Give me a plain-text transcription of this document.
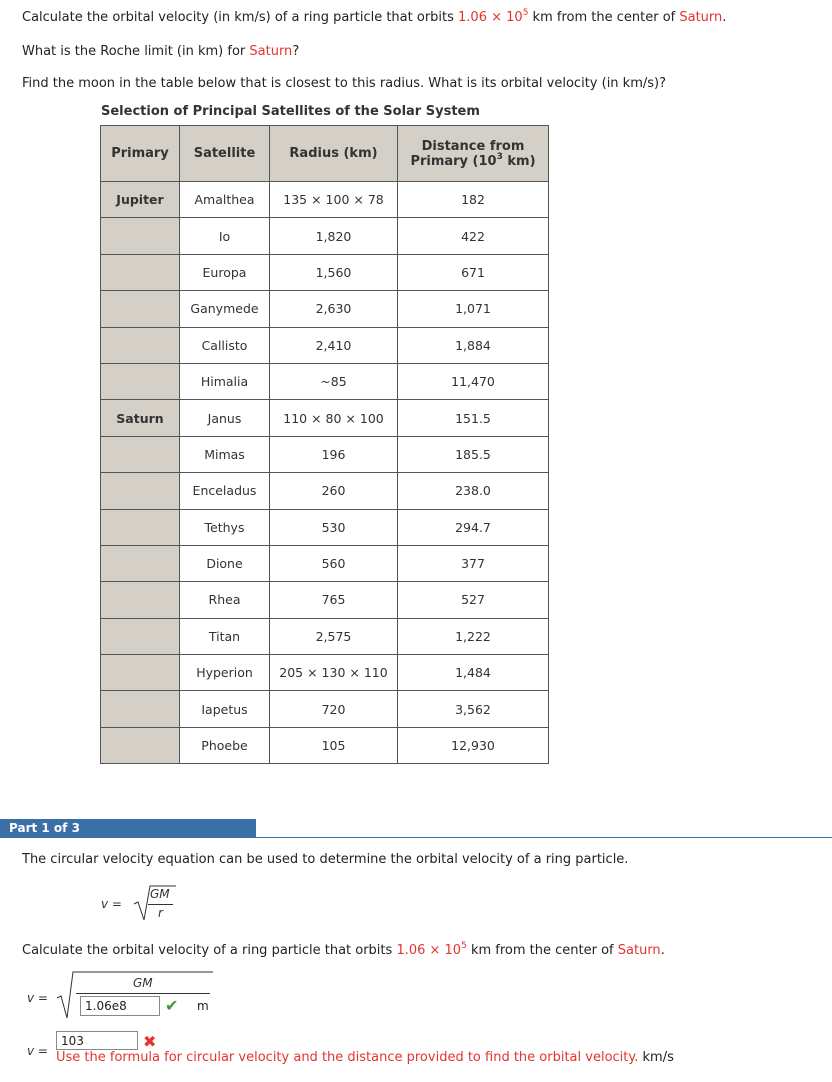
Calculate the orbital velocity (in km/s) of a ring particle that orbits $1.06 \times 10^5$ km from the center of Saturn.
What is the Roche limit (in km) for Saturn?
Find the moon in the table below that is closest to this radius. What is its orbital velocity (in km/s)?
Selection of Principal Satellites of the Solar System
Primary	Satellite	Radius (km)	Distance from
Primary ($10^3$ km)

Jupiter	Amalthea	135 × 100 × 78	182
	Io	1,820	422
	Europa	1,560	671
	Ganymede	2,630	1,071
	Callisto	2,410	1,884
	Himalia	~85	11,470
Saturn	Janus	110 × 80 × 100	151.5
	Mimas	196	185.5
	Enceladus	260	238.0
	Tethys	530	294.7
	Dione	560	377
	Rhea	765	527
	Titan	2,575	1,222
	Hyperion	205 × 130 × 110	1,484
	Iapetus	720	3,562
	Phoebe	105	12,930
Part 1 of 3
The circular velocity equation can be used to determine the orbital velocity of a ring particle.
v =
GM
r
Calculate the orbital velocity of a ring particle that orbits $1.06 \times 10^5$ km from the center of Saturn.
v =
GM
1.06e8	✔ m
v =
103	✖
Use the formula for circular velocity and the distance provided to find the orbital velocity. km/s
